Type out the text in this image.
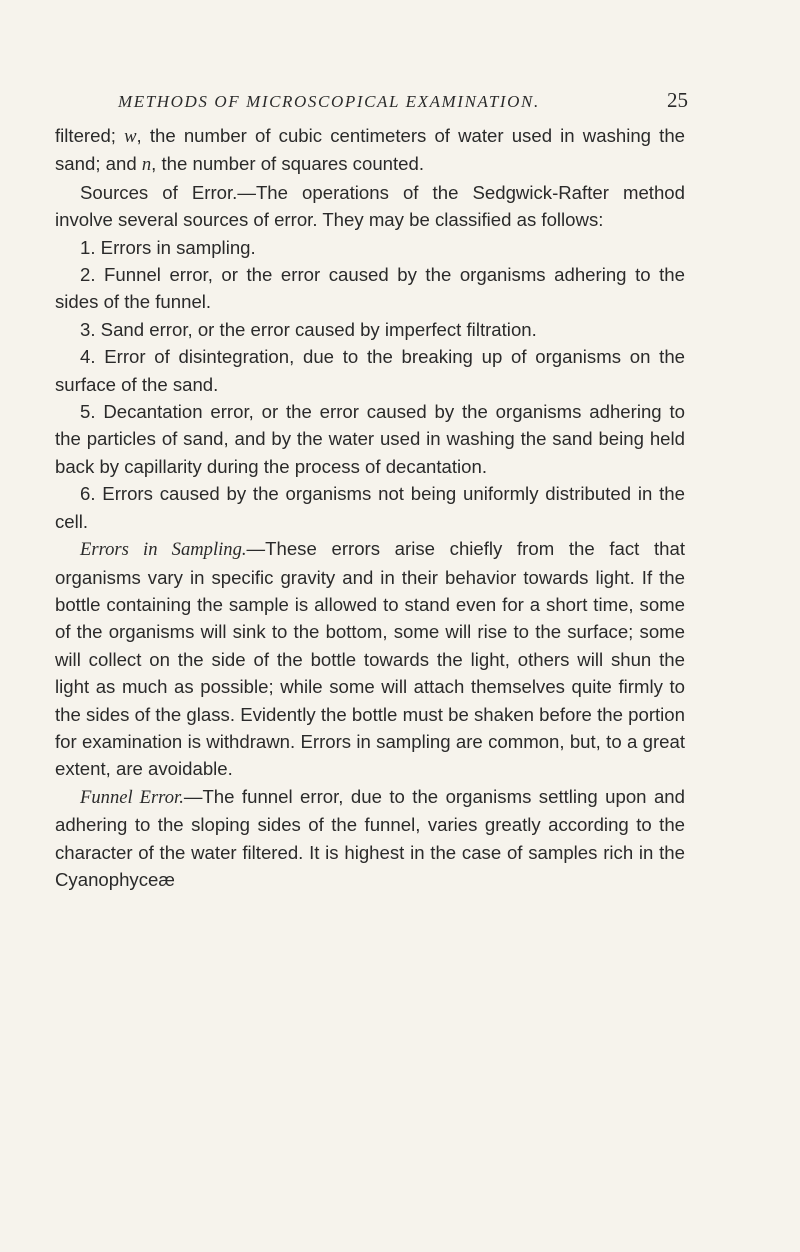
METHODS OF MICROSCOPICAL EXAMINATION.	25

filtered; w, the number of cubic centimeters of water used in washing the sand; and n, the number of squares counted.

Sources of Error.—The operations of the Sedgwick-Rafter method involve several sources of error. They may be classified as follows:

1. Errors in sampling.

2. Funnel error, or the error caused by the organisms adhering to the sides of the funnel.

3. Sand error, or the error caused by imperfect filtration.

4. Error of disintegration, due to the breaking up of organisms on the surface of the sand.

5. Decantation error, or the error caused by the organisms adhering to the particles of sand, and by the water used in washing the sand being held back by capillarity during the process of decantation.

6. Errors caused by the organisms not being uniformly distributed in the cell.

Errors in Sampling.—These errors arise chiefly from the fact that organisms vary in specific gravity and in their behavior towards light. If the bottle containing the sample is allowed to stand even for a short time, some of the organisms will sink to the bottom, some will rise to the surface; some will collect on the side of the bottle towards the light, others will shun the light as much as possible; while some will attach themselves quite firmly to the sides of the glass. Evidently the bottle must be shaken before the portion for examination is withdrawn. Errors in sampling are common, but, to a great extent, are avoidable.

Funnel Error.—The funnel error, due to the organisms settling upon and adhering to the sloping sides of the funnel, varies greatly according to the character of the water filtered. It is highest in the case of samples rich in the Cyanophyceæ
